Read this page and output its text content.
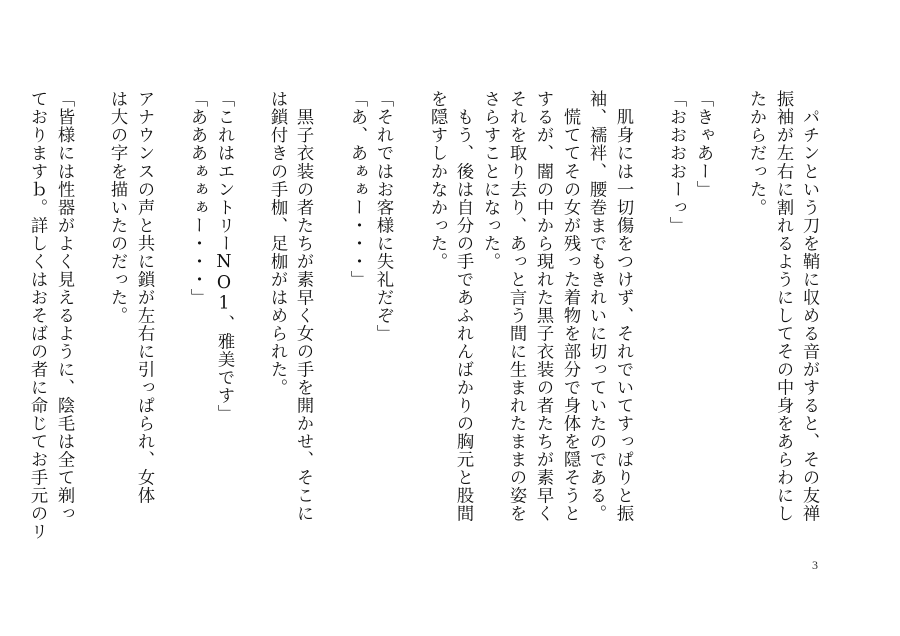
　パチンという刀を鞘に収める音がすると、その友禅
振袖が左右に割れるようにしてその中身をあらわにし
たからだった。
「きゃあー」
「おおおおーっ」
　肌身には一切傷をつけず、それでいてすっぱりと振
袖、襦袢、腰巻までもきれいに切っていたのである。
　慌ててその女が残った着物を部分で身体を隠そうと
するが、闇の中から現れた黒子衣装の者たちが素早く
それを取り去り、あっと言う間に生まれたままの姿を
さらすことになった。
　もう、後は自分の手であふれんばかりの胸元と股間
を隠すしかなかった。
「それではお客様に失礼だぞ」
「あ、あぁぁー・・・」
　黒子衣装の者たちが素早く女の手を開かせ、そこに
は鎖付きの手枷、足枷がはめられた。
「これはエントリーNO1、雅美です」
「あああぁぁぁー・・・」
アナウンスの声と共に鎖が左右に引っぱられ、女体
は大の字を描いたのだった。
「皆様には性器がよく見えるように、陰毛は全て剃っ
ておりますｂ。詳しくはおそばの者に命じてお手元のリ
3
